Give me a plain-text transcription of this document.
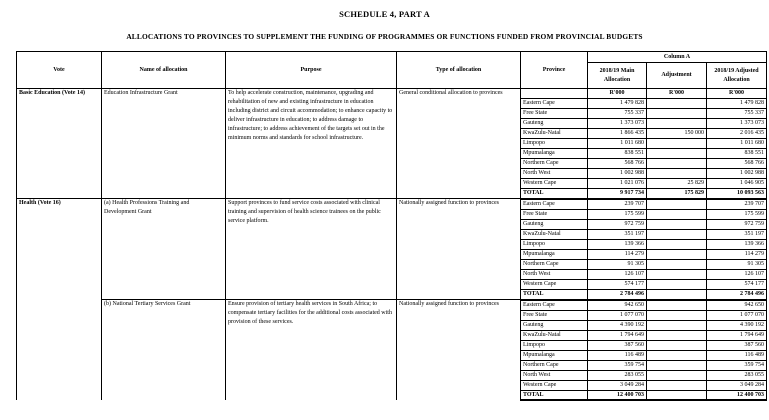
SCHEDULE 4, PART A
ALLOCATIONS TO PROVINCES TO SUPPLEMENT THE FUNDING OF PROGRAMMES OR FUNCTIONS FUNDED FROM PROVINCIAL BUDGETS
Vote	Name of allocation	Purpose	Type of allocation	Province	Column A		
					2018/19 Main Allocation	Adjustment	2018/19 Adjusted Allocation
Basic Education (Vote 14)	Education Infrastructure Grant	To help accelerate construction, maintenance, upgrading and rehabilitation of new and existing infrastructure in education including district and circuit accommodation; to enhance capacity to deliver infrastructure in education; to address damage to infrastructure; to address achievement of the targets set out in the minimum norms and standards for school infrastructure.	General conditional allocation to provinces		R'000	R'000	R'000
				Eastern Cape	1 479 828		1 479 828
				Free State	755 337		755 337
				Gauteng	1 373 073		1 373 073
				KwaZulu-Natal	1 866 435	150 000	2 016 435
				Limpopo	1 011 680		1 011 680
				Mpumalanga	838 551		838 551
				Northern Cape	568 766		568 766
				North West	1 002 988		1 002 988
				Western Cape	1 021 076	25 829	1 046 905
				TOTAL	9 917 734	175 829	10 093 563
Health (Vote 16)	(a) Health Professions Training and Development Grant	Support provinces to fund service costs associated with clinical training and supervision of health science trainees on the public service platform.	Nationally assigned function to provinces	Eastern Cape	239 707		239 707
				Free State	175 599		175 599
				Gauteng	972 759		972 759
				KwaZulu-Natal	351 197		351 197
				Limpopo	139 366		139 366
				Mpumalanga	114 279		114 279
				Northern Cape	91 305		91 305
				North West	126 107		126 107
				Western Cape	574 177		574 177
				TOTAL	2 784 496		2 784 496
	(b) National Tertiary Services Grant	Ensure provision of tertiary health services in South Africa; to compensate tertiary facilities for the additional costs associated with provision of these services.	Nationally assigned function to provinces	Eastern Cape	942 650		942 650
				Free State	1 077 070		1 077 070
				Gauteng	4 390 192		4 390 192
				KwaZulu-Natal	1 794 649		1 794 649
				Limpopo	387 560		387 560
				Mpumalanga	116 489		116 489
				Northern Cape	359 754		359 754
				North West	283 055		283 055
				Western Cape	3 049 284		3 049 284
				TOTAL	12 400 703		12 400 703
